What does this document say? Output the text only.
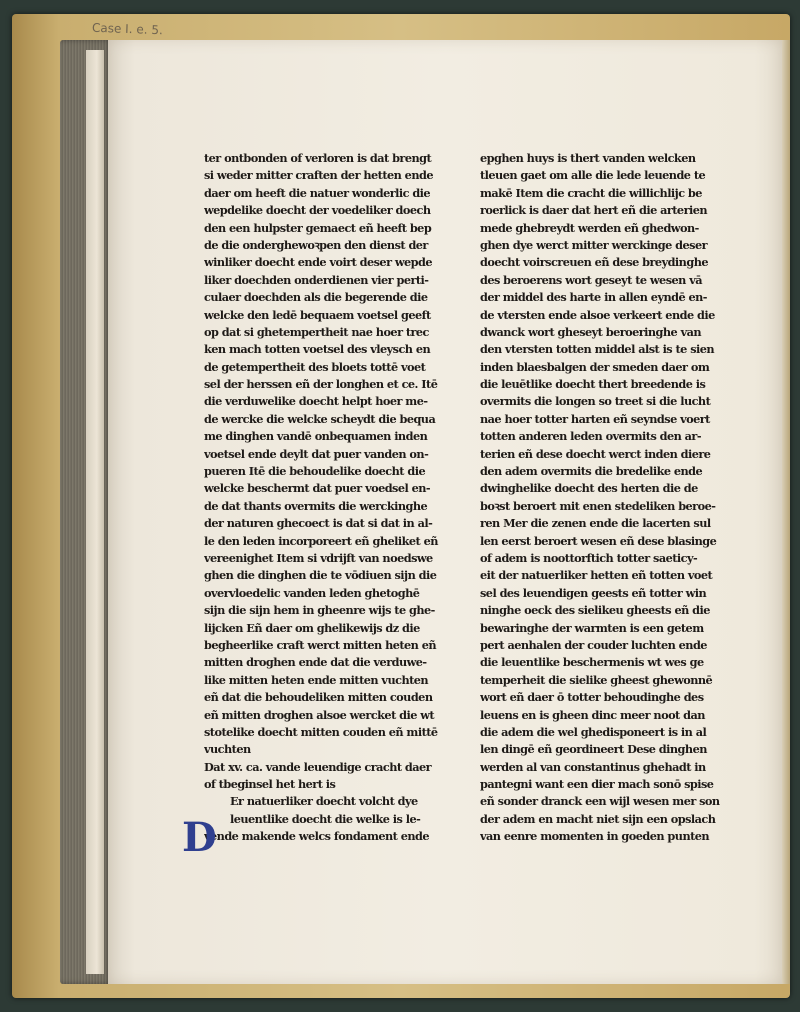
Case I. e. 5.
ter ontbonden of verloren is dat brengt
si weder mitter craften der hetten ende
daer om heeft die natuer wonderlic die
wepdelike doecht der voedeliker doech
den een hulpster gemaect eñ heeft bep
de die onderghewoꝛpen den dienst der
winliker doecht ende voirt deser wepde
liker doechden onderdienen vier perti-
culaer doechden als die begerende die
welcke den ledē bequaem voetsel geeft
op dat si ghetempertheit nae hoer trec
ken mach totten voetsel des vleysch en
de getempertheit des bloets tottē voet
sel der herssen eñ der longhen et ce. Itē
die verduwelike doecht helpt hoer me-
de wercke die welcke scheydt die bequa
me dinghen vandē onbequamen inden
voetsel ende deylt dat puer vanden on-
pueren Itē die behoudelike doecht die
welcke beschermt dat puer voedsel en-
de dat thants overmits die werckinghe
der naturen ghecoect is dat si dat in al-
le den leden incorporeert eñ gheliket eñ
vereenighet Item si vdrijft van noedswe
ghen die dinghen die te vōdiuen sijn die
overvloedelic vanden leden ghetoghē
sijn die sijn hem in gheenre wijs te ghe-
lijcken Eñ daer om ghelikewijs dz die
begheerlike craft werct mitten heten eñ
mitten droghen ende dat die verduwe-
like mitten heten ende mitten vuchten
eñ dat die behoudeliken mitten couden
eñ mitten droghen alsoe wercket die wt
stotelike doecht mitten couden eñ mittē
vuchten
Dat xv. ca. vande leuendige cracht daer
of tbeginsel het hert is
Er natuerliker doecht volcht dye
leuentlike doecht die welke is le-
vende makende welcs fondament ende
epghen huys is thert vanden welcken
tleuen gaet om alle die lede leuende te
makē Item die cracht die willichlijc be
roerlick is daer dat hert eñ die arterien
mede ghebreydt werden eñ ghedwon-
ghen dye werct mitter werckinge deser
doecht voirscreuen eñ dese breydinghe
des beroerens wort geseyt te wesen vā
der middel des harte in allen eyndē en-
de vtersten ende alsoe verkeert ende die
dwanck wort gheseyt beroeringhe van
den vtersten totten middel alst is te sien
inden blaesbalgen der smeden daer om
die leuētlike doecht thert breedende is
overmits die longen so treet si die lucht
nae hoer totter harten eñ seyndse voert
totten anderen leden overmits den ar-
terien eñ dese doecht werct inden diere
den adem overmits die bredelike ende
dwinghelike doecht des herten die de
boꝛst beroert mit enen stedeliken beroe-
ren Mer die zenen ende die lacerten sul
len eerst beroert wesen eñ dese blasinge
of adem is noottorftich totter saeticy-
eit der natuerliker hetten eñ totten voet
sel des leuendigen geests eñ totter win
ninghe oeck des sielikeu gheests eñ die
bewaringhe der warmten is een getem
pert aenhalen der couder luchten ende
die leuentlike beschermenis wt wes ge
temperheit die sielike gheest ghewonnē
wort eñ daer ō totter behoudinghe des
leuens en is gheen dinc meer noot dan
die adem die wel ghedisponeert is in al
len dingē eñ geordineert Dese dinghen
werden al van constantinus ghehadt in
pantegni want een dier mach sonō spise
eñ sonder dranck een wijl wesen mer son
der adem en macht niet sijn een opslach
van eenre momenten in goeden punten
D
